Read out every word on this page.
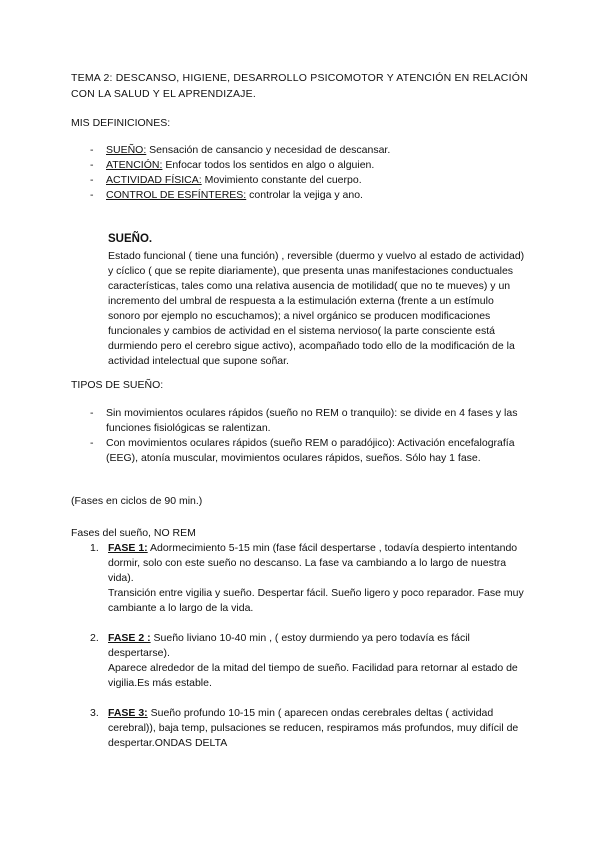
TEMA 2: DESCANSO, HIGIENE, DESARROLLO PSICOMOTOR Y ATENCIÓN EN RELACIÓN CON LA SALUD Y EL APRENDIZAJE.
MIS DEFINICIONES:
- SUEÑO: Sensación de cansancio y necesidad de descansar.
- ATENCIÓN: Enfocar todos los sentidos en algo o alguien.
- ACTIVIDAD FÍSICA: Movimiento constante del cuerpo.
- CONTROL DE ESFÍNTERES: controlar la vejiga y ano.
SUEÑO.
Estado funcional ( tiene una función) , reversible (duermo y vuelvo al estado de actividad) y cíclico ( que se repite diariamente), que presenta unas manifestaciones conductuales características, tales como una relativa ausencia de motilidad( que no te mueves) y un incremento del umbral de respuesta a la estimulación externa (frente a un estímulo sonoro por ejemplo no escuchamos); a nivel orgánico se producen modificaciones funcionales y cambios de actividad en el sistema nervioso( la parte consciente está durmiendo pero el cerebro sigue activo), acompañado todo ello de la modificación de la actividad intelectual que supone soñar.
TIPOS DE SUEÑO:
- Sin movimientos oculares rápidos (sueño no REM o tranquilo): se divide en 4 fases y las funciones fisiológicas se ralentizan.
- Con movimientos oculares rápidos (sueño REM o paradójico): Activación encefalografía (EEG), atonía muscular, movimientos oculares rápidos, sueños. Sólo hay 1 fase.
(Fases en ciclos de 90 min.)
Fases del sueño, NO REM
1. FASE 1: Adormecimiento 5-15 min (fase fácil despertarse , todavía despierto intentando dormir, solo con este sueño no descanso. La fase va cambiando a lo largo de nuestra vida).
Transición entre vigilia y sueño. Despertar fácil. Sueño ligero y poco reparador. Fase muy cambiante a lo largo de la vida.
2. FASE 2 : Sueño liviano 10-40 min , ( estoy durmiendo ya pero todavía es fácil despertarse).
Aparece alrededor de la mitad del tiempo de sueño. Facilidad para retornar al estado de vigilia.Es más estable.
3. FASE 3: Sueño profundo 10-15 min ( aparecen ondas cerebrales deltas ( actividad cerebral)), baja temp, pulsaciones se reducen, respiramos más profundos, muy difícil de despertar.ONDAS DELTA
